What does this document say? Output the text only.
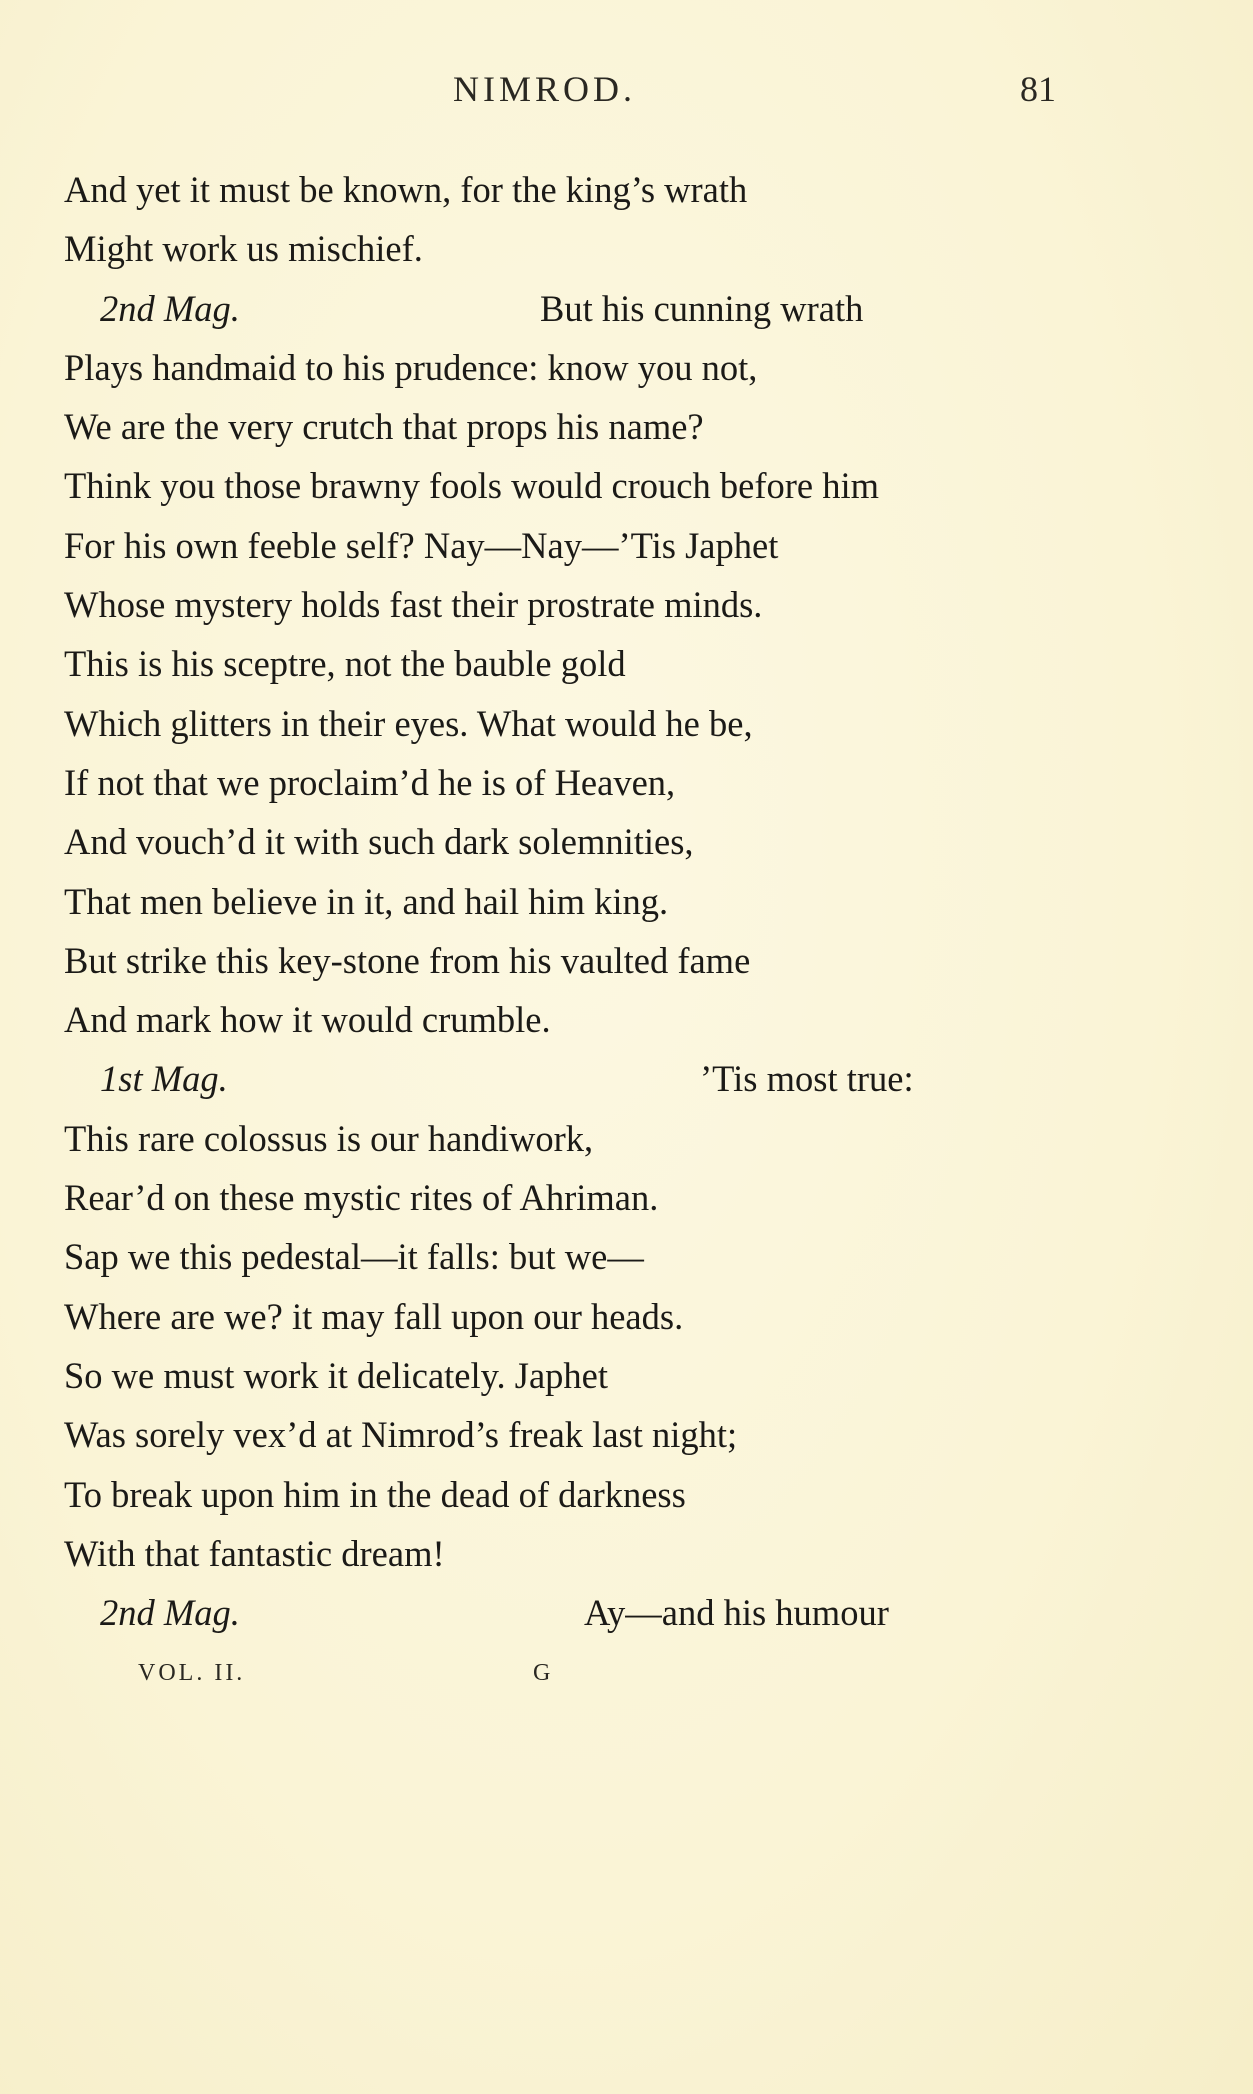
NIMROD.	81
And yet it must be known, for the king’s wrath
Might work us mischief.
2nd Mag.	But his cunning wrath
Plays handmaid to his prudence: know you not,
We are the very crutch that props his name?
Think you those brawny fools would crouch before him
For his own feeble self? Nay—Nay—’Tis Japhet
Whose mystery holds fast their prostrate minds.
This is his sceptre, not the bauble gold
Which glitters in their eyes. What would he be,
If not that we proclaim’d he is of Heaven,
And vouch’d it with such dark solemnities,
That men believe in it, and hail him king.
But strike this key-stone from his vaulted fame
And mark how it would crumble.
1st Mag.	’Tis most true:
This rare colossus is our handiwork,
Rear’d on these mystic rites of Ahriman.
Sap we this pedestal—it falls: but we—
Where are we? it may fall upon our heads.
So we must work it delicately. Japhet
Was sorely vex’d at Nimrod’s freak last night;
To break upon him in the dead of darkness
With that fantastic dream!
2nd Mag.	Ay—and his humour
VOL. II.	G
